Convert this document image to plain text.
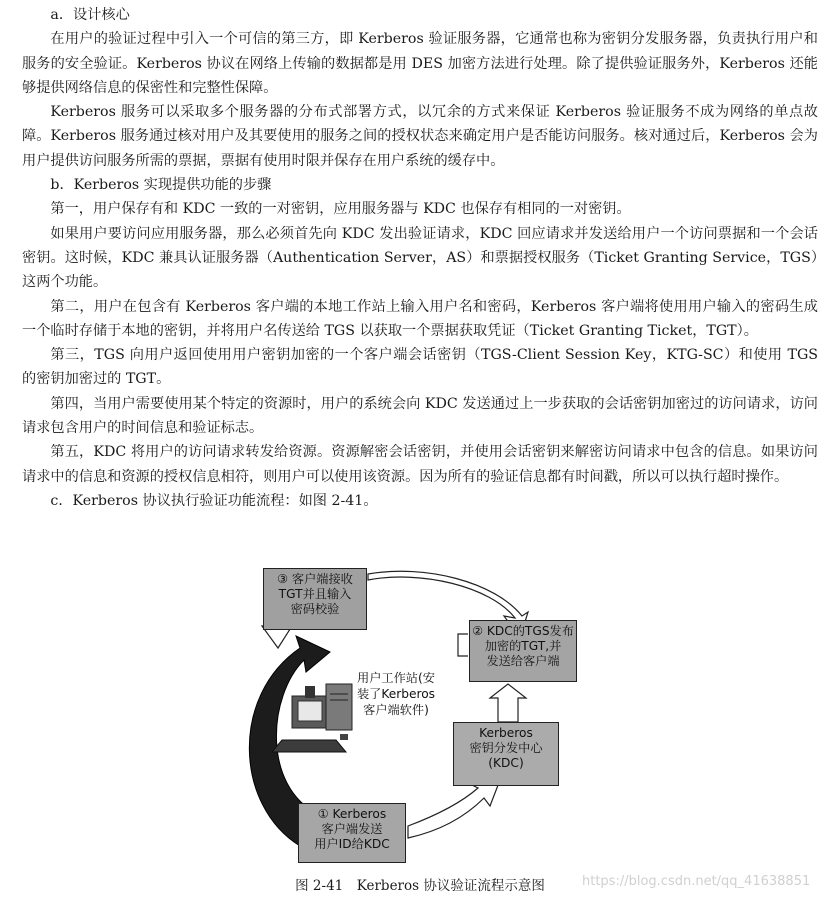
a．设计核心

在用户的验证过程中引入一个可信的第三方，即 Kerberos 验证服务器，它通常也称为密钥分发服务器，负责执行用户和服务的安全验证。Kerberos 协议在网络上传输的数据都是用 DES 加密方法进行处理。除了提供验证服务外，Kerberos 还能够提供网络信息的保密性和完整性保障。

Kerberos 服务可以采取多个服务器的分布式部署方式，以冗余的方式来保证 Kerberos 验证服务不成为网络的单点故障。Kerberos 服务通过核对用户及其要使用的服务之间的授权状态来确定用户是否能访问服务。核对通过后，Kerberos 会为用户提供访问服务所需的票据，票据有使用时限并保存在用户系统的缓存中。

b．Kerberos 实现提供功能的步骤

第一，用户保存有和 KDC 一致的一对密钥，应用服务器与 KDC 也保存有相同的一对密钥。

如果用户要访问应用服务器，那么必须首先向 KDC 发出验证请求，KDC 回应请求并发送给用户一个访问票据和一个会话密钥。这时候，KDC 兼具认证服务器（Authentication Server，AS）和票据授权服务（Ticket Granting Service，TGS）这两个功能。

第二，用户在包含有 Kerberos 客户端的本地工作站上输入用户名和密码，Kerberos 客户端将使用用户输入的密码生成一个临时存储于本地的密钥，并将用户名传送给 TGS 以获取一个票据获取凭证（Ticket Granting Ticket，TGT）。

第三，TGS 向用户返回使用用户密钥加密的一个客户端会话密钥（TGS-Client Session Key，KTG-SC）和使用 TGS 的密钥加密过的 TGT。

第四，当用户需要使用某个特定的资源时，用户的系统会向 KDC 发送通过上一步获取的会话密钥加密过的访问请求，访问请求包含用户的时间信息和验证标志。

第五，KDC 将用户的访问请求转发给资源。资源解密会话密钥，并使用会话密钥来解密访问请求中包含的信息。如果访问请求中的信息和资源的授权信息相符，则用户可以使用该资源。因为所有的验证信息都有时间戳，所以可以执行超时操作。

c．Kerberos 协议执行验证功能流程：如图 2-41。

③ 客户端接收
TGT并且输入
密码校验
② KDC的TGS发布
加密的TGT,并
发送给客户端
Kerberos
密钥分发中心
(KDC)
① Kerberos
客户端发送
用户ID给KDC
用户工作站(安
装了Kerberos
客户端软件)
图 2-41　Kerberos 协议验证流程示意图	https://blog.csdn.net/qq_41638851
